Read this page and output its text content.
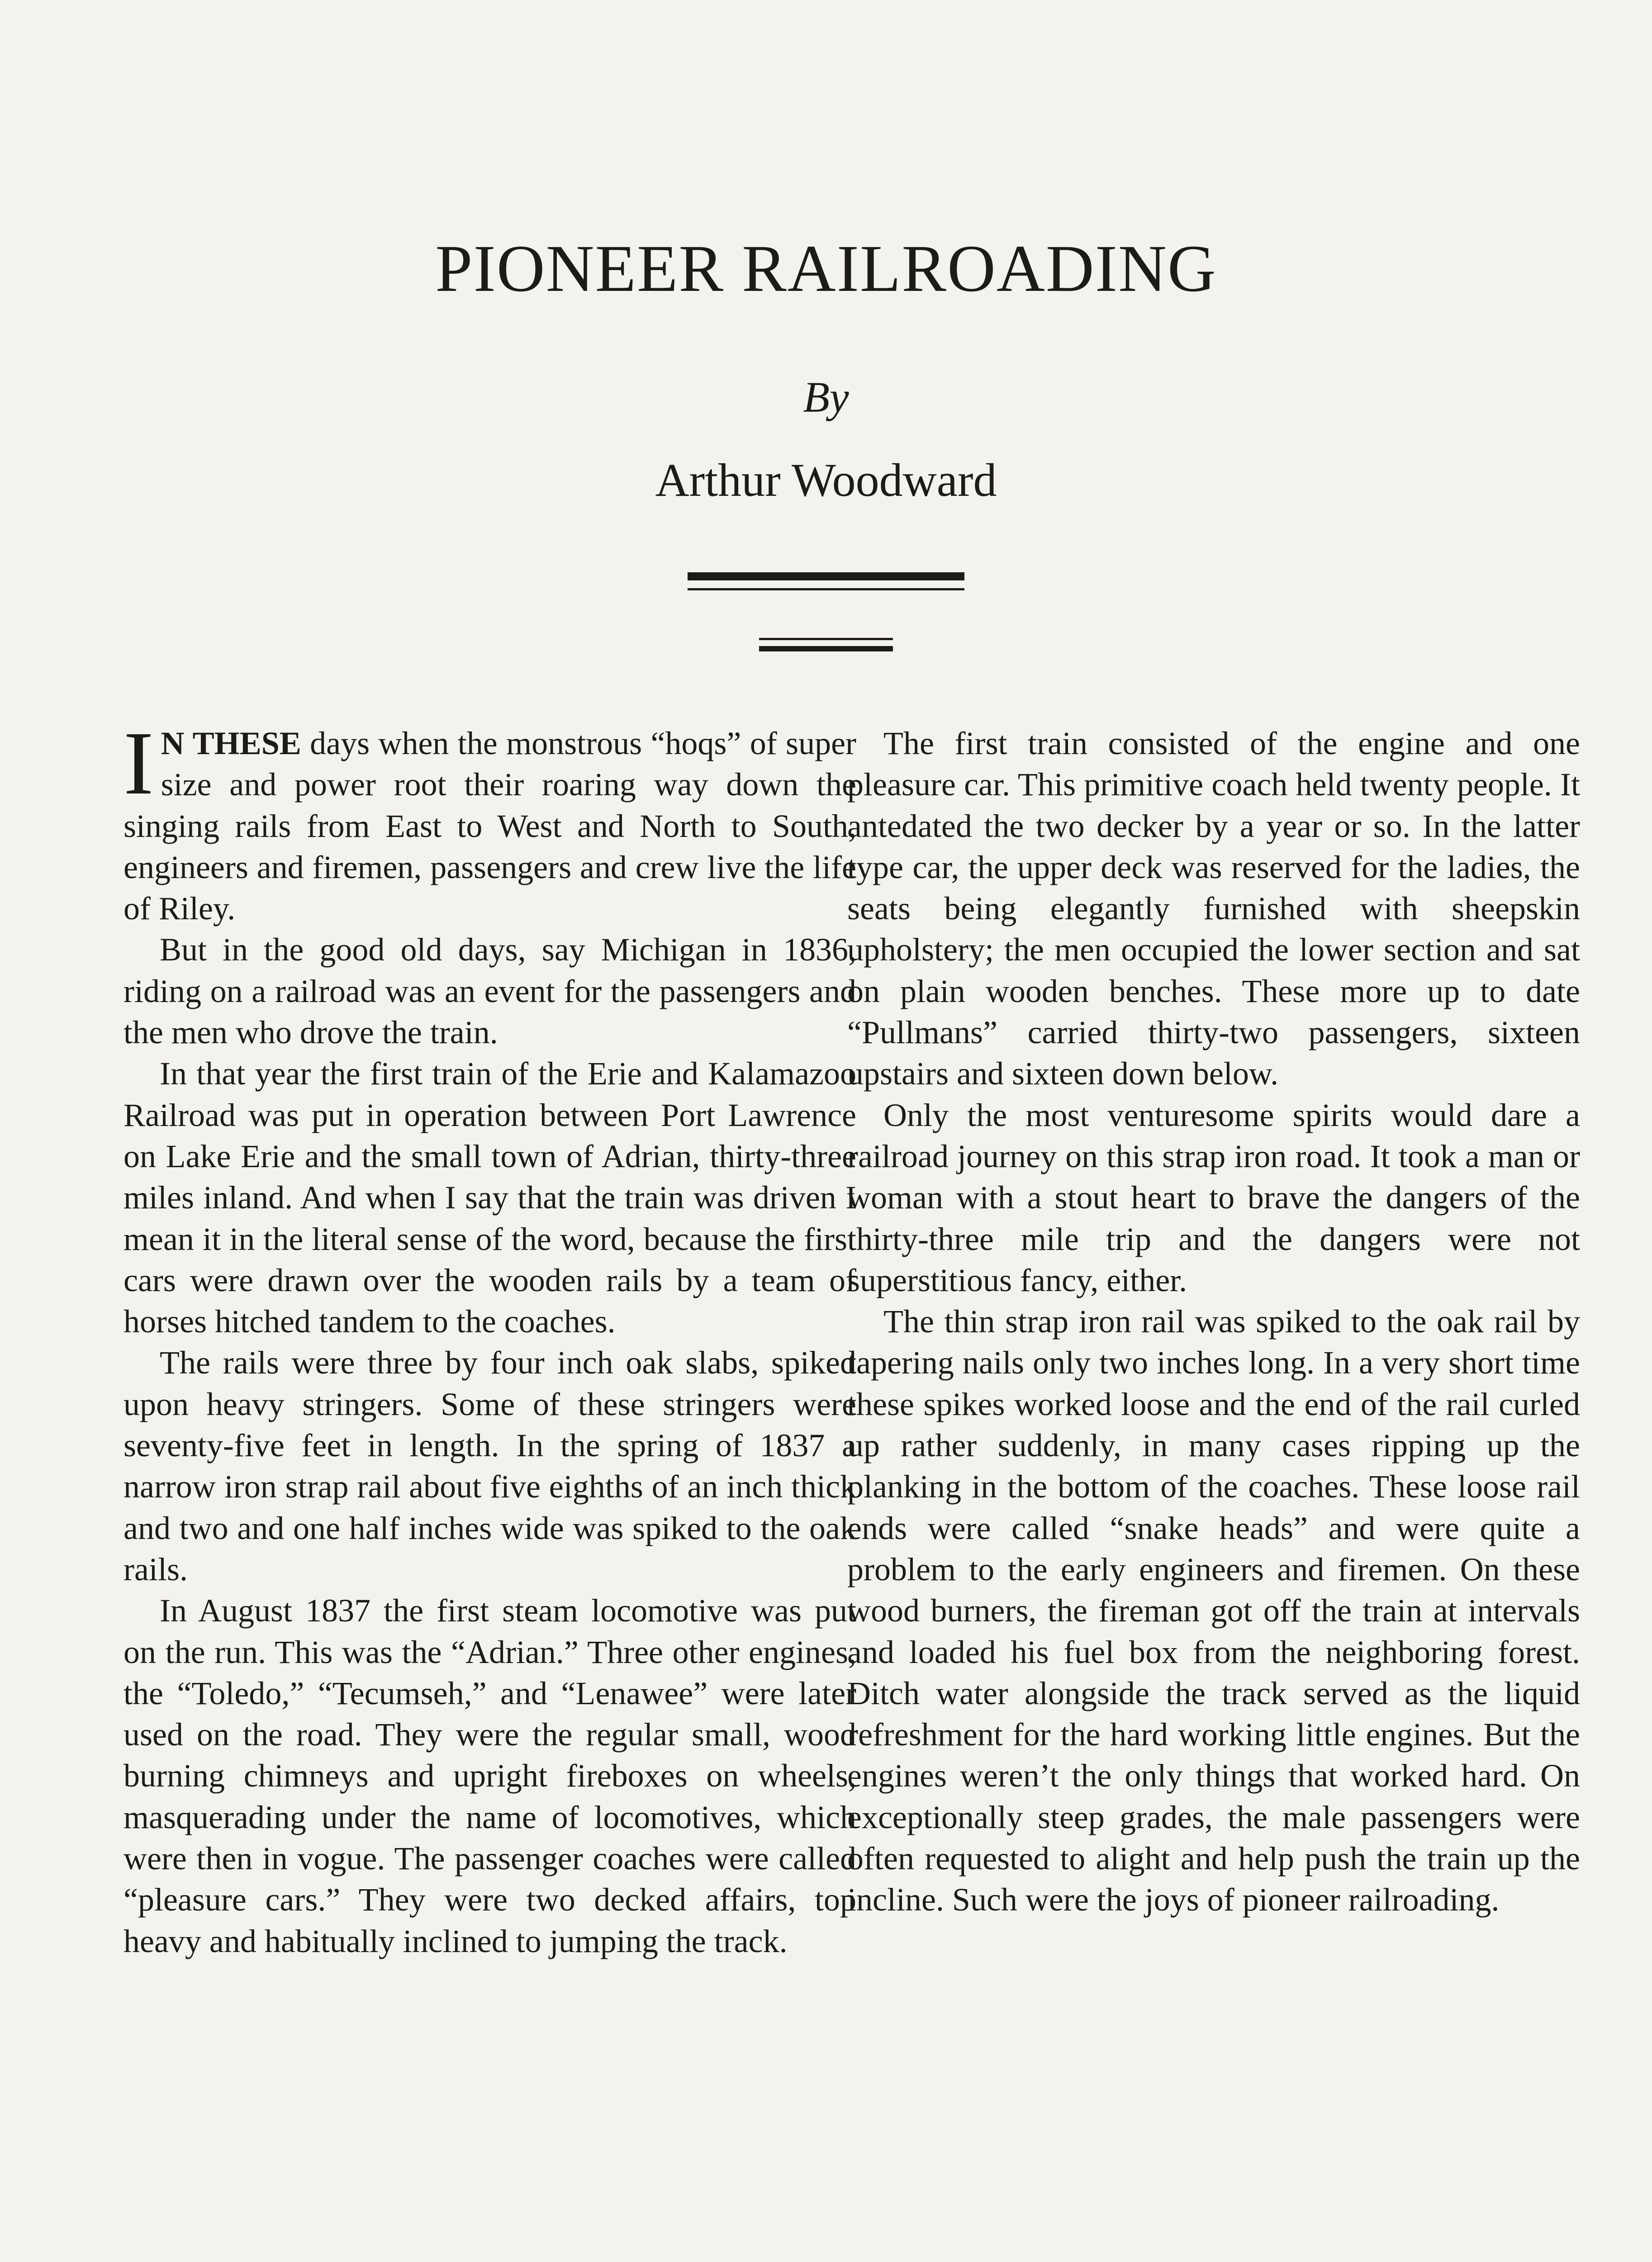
PIONEER RAILROADING
By
Arthur Woodward

I N THESE days when the monstrous “hoqs” of super size and power root their roaring way down the singing rails from East to West and North to South, engineers and firemen, passengers and crew live the life of Riley.

But in the good old days, say Michigan in 1836, riding on a railroad was an event for the passengers and the men who drove the train.

In that year the first train of the Erie and Kalamazoo Railroad was put in operation between Port Lawrence on Lake Erie and the small town of Adrian, thirty-three miles inland. And when I say that the train was driven I mean it in the literal sense of the word, because the first cars were drawn over the wooden rails by a team of horses hitched tandem to the coaches.

The rails were three by four inch oak slabs, spiked upon heavy stringers. Some of these stringers were seventy-five feet in length. In the spring of 1837 a narrow iron strap rail about five eighths of an inch thick and two and one half inches wide was spiked to the oak rails.

In August 1837 the first steam locomotive was put on the run. This was the “Adrian.” Three other engines, the “Toledo,” “Tecumseh,” and “Lenawee” were later used on the road. They were the regular small, wood burning chimneys and upright fireboxes on wheels, masquerading under the name of locomotives, which were then in vogue. The passenger coaches were called “pleasure cars.” They were two decked affairs, top heavy and habitually inclined to jumping the track.

The first train consisted of the engine and one pleasure car. This primitive coach held twenty people. It antedated the two decker by a year or so. In the latter type car, the upper deck was reserved for the ladies, the seats being elegantly furnished with sheepskin upholstery; the men occupied the lower section and sat on plain wooden benches. These more up to date “Pullmans” carried thirty-two passengers, sixteen upstairs and sixteen down below.

Only the most venturesome spirits would dare a railroad journey on this strap iron road. It took a man or woman with a stout heart to brave the dangers of the thirty-three mile trip and the dangers were not superstitious fancy, either.

The thin strap iron rail was spiked to the oak rail by tapering nails only two inches long. In a very short time these spikes worked loose and the end of the rail curled up rather suddenly, in many cases ripping up the planking in the bottom of the coaches. These loose rail ends were called “snake heads” and were quite a problem to the early engineers and firemen. On these wood burners, the fireman got off the train at intervals and loaded his fuel box from the neighboring forest. Ditch water alongside the track served as the liquid refreshment for the hard working little engines. But the engines weren’t the only things that worked hard. On exceptionally steep grades, the male passengers were often requested to alight and help push the train up the incline. Such were the joys of pioneer railroading.
